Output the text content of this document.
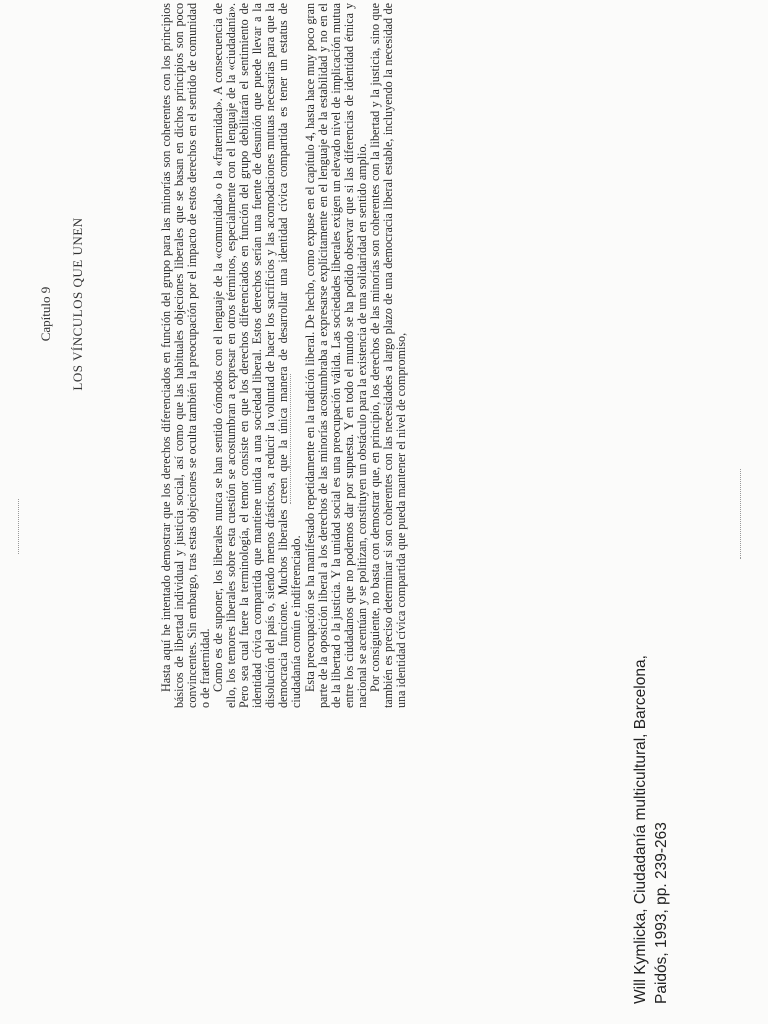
Will Kymlicka, Ciudadanía multicultural, Barcelona, Paidós, 1993, pp. 239-263
Capítulo 9 LOS VÍNCULOS QUE UNEN	Hasta aquí he intentado demostrar que los derechos diferenciados en función del grupo para las minorías son coherentes con los principios básicos de libertad individual y justicia social, así como que las habituales objeciones liberales que se basan en dichos principios son poco convincentes. Sin embargo, tras estas objeciones se oculta también la preocupación por el impacto de estos derechos en el sentido de comunidad o de fraternidad. Como es de suponer, los liberales nunca se han sentido cómodos con el lenguaje de la «comunidad» o la «fraternidad». A consecuencia de ello, los temores liberales sobre esta cuestión se acostumbran a expresar en otros términos, especialmente con el lenguaje de la «ciudadanía». Pero sea cual fuere la terminología, el temor consiste en que los derechos diferenciados en función del grupo debilitarán el sentimiento de identidad cívica compartida que mantiene unida a una sociedad liberal. Estos derechos serían una fuente de desunión que puede llevar a la disolución del país o, siendo menos drásticos, a reducir la voluntad de hacer los sacrificios y las acomodaciones mutuas necesarias para que la democracia funcione. Muchos liberales creen que la única manera de desarrollar una identidad cívica compartida es tener un estatus de ciudadanía común e indiferenciado. Esta preocupación se ha manifestado repetidamente en la tradición liberal. De hecho, como expuse en el capítulo 4, hasta hace muy poco gran parte de la oposición liberal a los derechos de las minorías acostumbraba a expresarse explícitamente en el lenguaje de la estabilidad y no en el de la libertad o la justicia. Y la unidad social es una preocupación válida. Las sociedades liberales exigen un elevado nivel de implicación mutua entre los ciudadanos que no podemos dar por supuesta. Y en todo el mundo se ha podido observar que si las diferencias de identidad étnica y nacional se acentúan y se politizan, constituyen un obstáculo para la existencia de una solidaridad en sentido amplio. Por consiguiente, no basta con demostrar que, en principio, los derechos de las minorías son coherentes con la libertad y la justicia, sino que también es preciso determinar si son coherentes con las necesidades a largo plazo de una democracia liberal estable, incluyendo la necesidad de una identidad cívica compartida que pueda mantener el nivel de compromiso,
